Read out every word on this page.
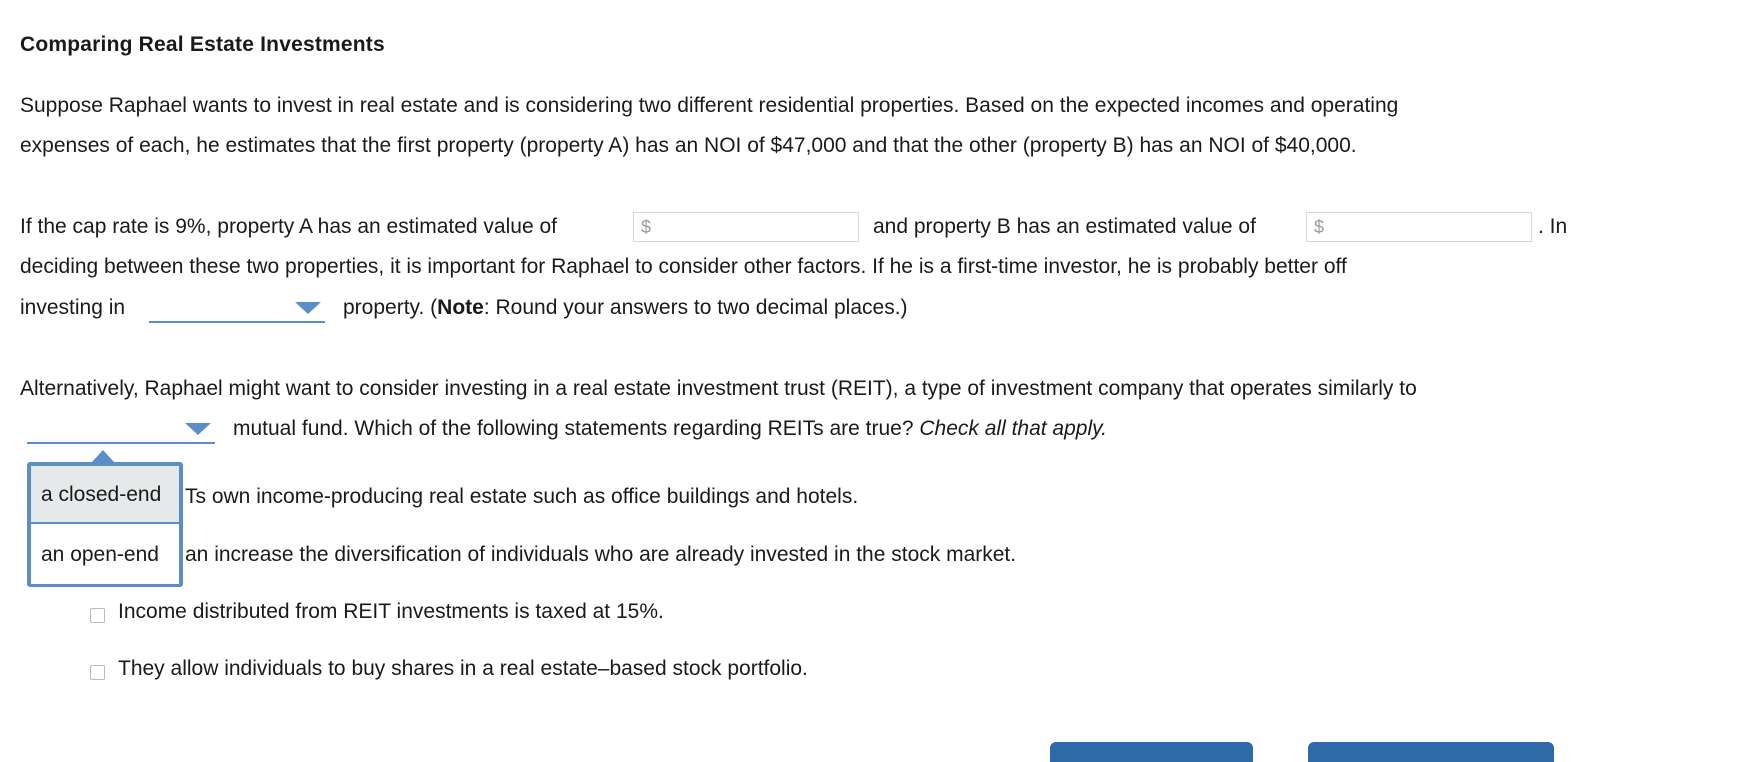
Comparing Real Estate Investments
Suppose Raphael wants to invest in real estate and is considering two different residential properties. Based on the expected incomes and operating
expenses of each, he estimates that the first property (property A) has an NOI of $47,000 and that the other (property B) has an NOI of $40,000.
If the cap rate is 9%, property A has an estimated value of	$	and property B has an estimated value of	$	. In
deciding between these two properties, it is important for Raphael to consider other factors. If he is a first-time investor, he is probably better off
investing in	property. (Note: Round your answers to two decimal places.)
Alternatively, Raphael might want to consider investing in a real estate investment trust (REIT), a type of investment company that operates similarly to
mutual fund. Which of the following statements regarding REITs are true? Check all that apply.
Ts own income-producing real estate such as office buildings and hotels.
an increase the diversification of individuals who are already invested in the stock market.
Income distributed from REIT investments is taxed at 15%.
They allow individuals to buy shares in a real estate–based stock portfolio.
a closed-end
an open-end
